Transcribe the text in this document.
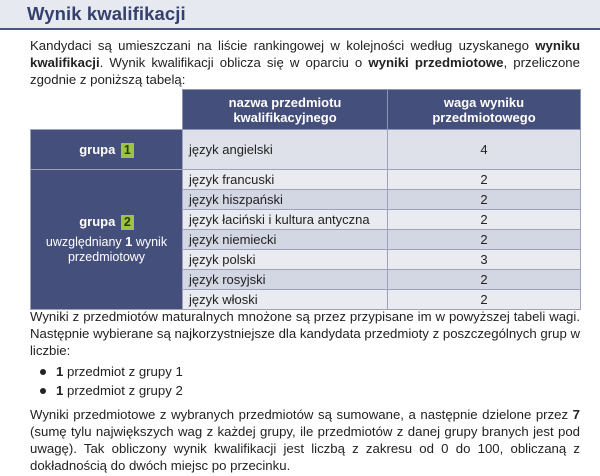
Wynik kwalifikacji

Kandydaci są umieszczani na liście rankingowej w kolejności według uzyskanego wyniku kwalifikacji. Wynik kwalifikacji oblicza się w oparciu o wyniki przedmiotowe, przeliczone zgodnie z poniższą tabelą:

	nazwa przedmiotu kwalifikacyjnego	waga wyniku przedmiotowego
grupa 1	język angielski	4

grupa 2
uwzględniany 1 wynik przedmiotowy	język francuski	2
	język hiszpański	2
	język łaciński i kultura antyczna	2
	język niemiecki	2
	język polski	3
	język rosyjski	2
	język włoski	2

Wyniki z przedmiotów maturalnych mnożone są przez przypisane im w powyższej tabeli wagi. Następnie wybierane są najkorzystniejsze dla kandydata przedmioty z poszczególnych grup w liczbie:

1 przedmiot z grupy 1
1 przedmiot z grupy 2

Wyniki przedmiotowe z wybranych przedmiotów są sumowane, a następnie dzielone przez 7 (sumę tylu największych wag z każdej grupy, ile przedmiotów z danej grupy branych jest pod uwagę). Tak obliczony wynik kwalifikacji jest liczbą z zakresu od 0 do 100, obliczaną z dokładnością do dwóch miejsc po przecinku.
